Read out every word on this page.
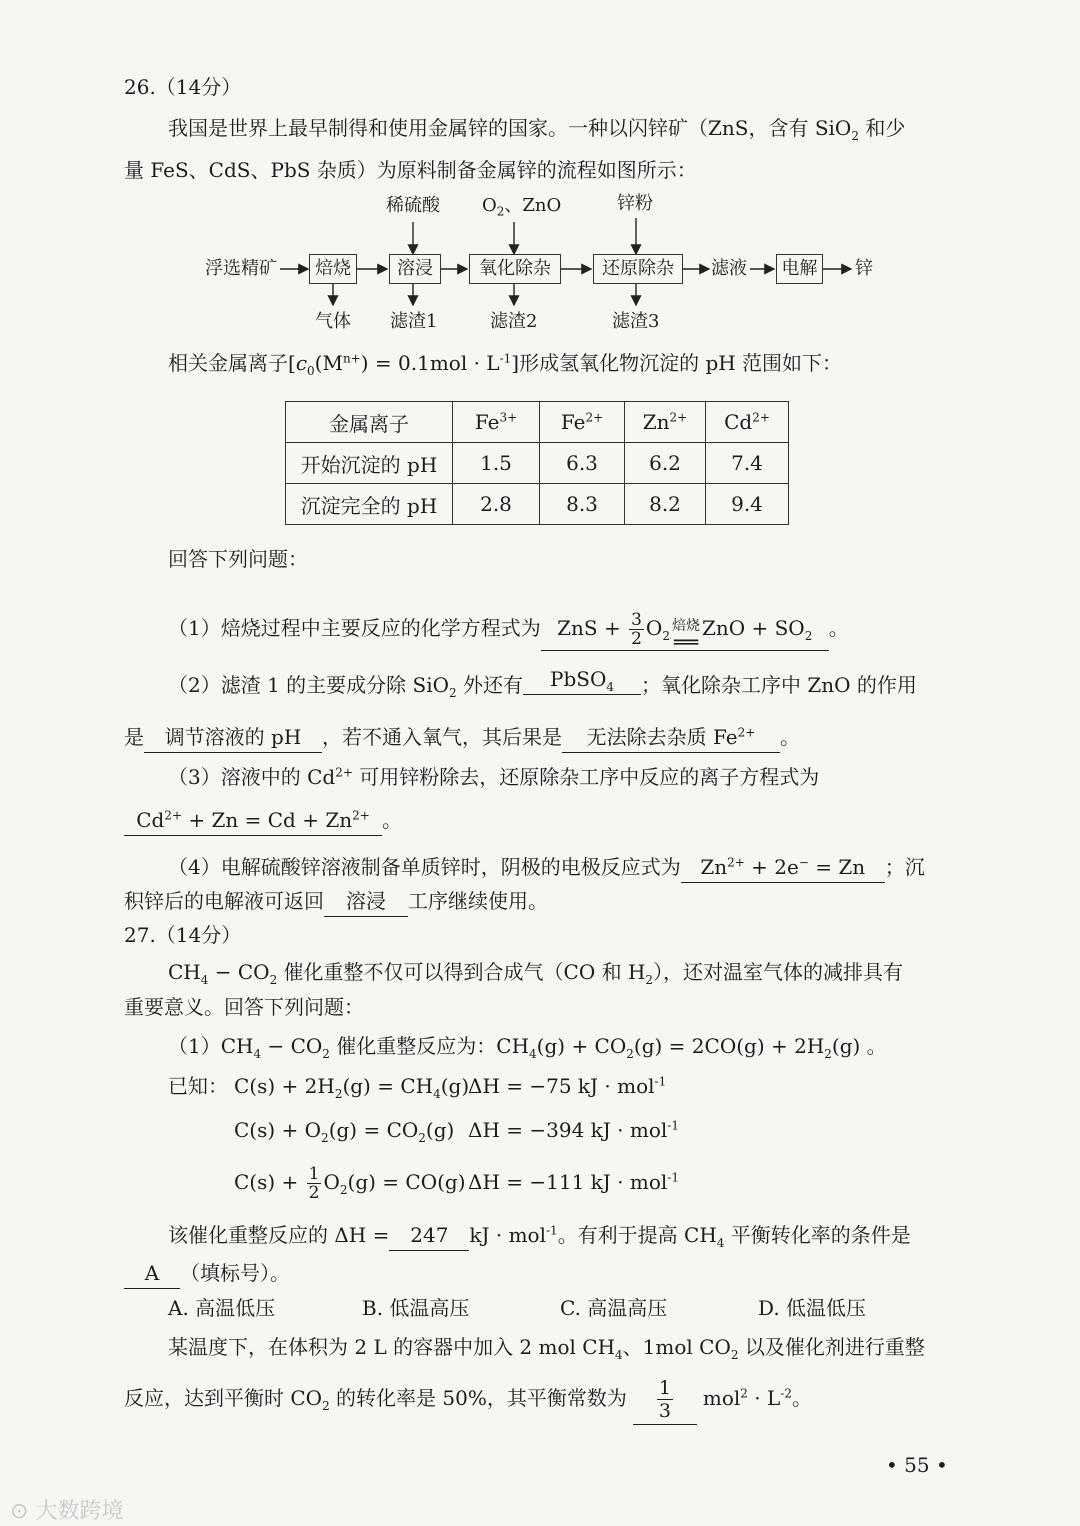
26.（14分）
我国是世界上最早制得和使用金属锌的国家。一种以闪锌矿（ZnS，含有 SiO$_2$ 和少
量 FeS、CdS、PbS 杂质）为原料制备金属锌的流程如图所示：
浮选精矿	焙烧	溶浸	氧化除杂	还原除杂	滤液	电解	锌
稀硫酸 $O_2$、ZnO	锌粉
气体 滤渣1	滤渣2	滤渣3
相关金属离子$[c_0(M^{n+}) = 0.1mol \cdot L^{-1}]$形成氢氧化物沉淀的 pH 范围如下：
金属离子	$Fe^{3+}$	$Fe^{2+}$	$Zn^{2+}$	$Cd^{2+}$
开始沉淀的 pH	1.5	6.3	6.2	7.4
沉淀完全的 pH	2.8	8.3	8.2	9.4
回答下列问题：
（1）焙烧过程中主要反应的化学方程式为 ZnS + $\frac{3}{2} O_2$
焙烧
══
ZnO + $SO_2$ 。
（2）滤渣 1 的主要成分除 SiO$_2$ 外还有 PbSO$_4$ ；氧化除杂工序中 ZnO 的作用
是 调节溶液的 pH ，若不通入氧气，其后果是 无法除去杂质 $Fe^{2+}$ 。
（3）溶液中的 $Cd^{2+}$ 可用锌粉除去，还原除杂工序中反应的离子方程式为
$Cd^{2+} + Zn = Cd + Zn^{2+}$ 。
（4）电解硫酸锌溶液制备单质锌时，阴极的电极反应式为 $Zn^{2+} + 2e^- = Zn$ ；沉
积锌后的电解液可返回 溶浸 工序继续使用。
27.（14分）
$CH_4 - CO_2$ 催化重整不仅可以得到合成气（CO 和 $H_2$），还对温室气体的减排具有
重要意义。回答下列问题：
$(1)CH_4 - CO_2$ 催化重整反应为：$CH_4(g) + CO_2(g) = 2CO(g) + 2H_2(g)$ 。
已知： $C(s) + 2H_2(g) = CH_4(g)$
ΔH = −75 kJ · mol$^{-1}$
$C(s) + O_2(g) = CO_2(g) \Delta H = -394$ kJ · mol$^{-1}$
$C(s) + \frac{1}{2} O_2(g) = CO(g) \Delta H = -111$ kJ · mol$^{-1}$
该催化重整反应的 ΔH = 247 kJ · mol$^{-1}$。有利于提高 $CH_4$ 平衡转化率的条件是
A （填标号）。
A. 高温低压	B. 低温高压	C. 高温高压	D. 低温低压
某温度下，在体积为 2 L 的容器中加入 2 mol $CH_4$、1mol $CO_2$ 以及催化剂进行重整
反应，达到平衡时 $CO_2$ 的转化率是 50%，其平衡常数为 $\frac{1}{3} mol^2 \cdot L^{-2}$。
• 55 •
⊙ 大数跨境
